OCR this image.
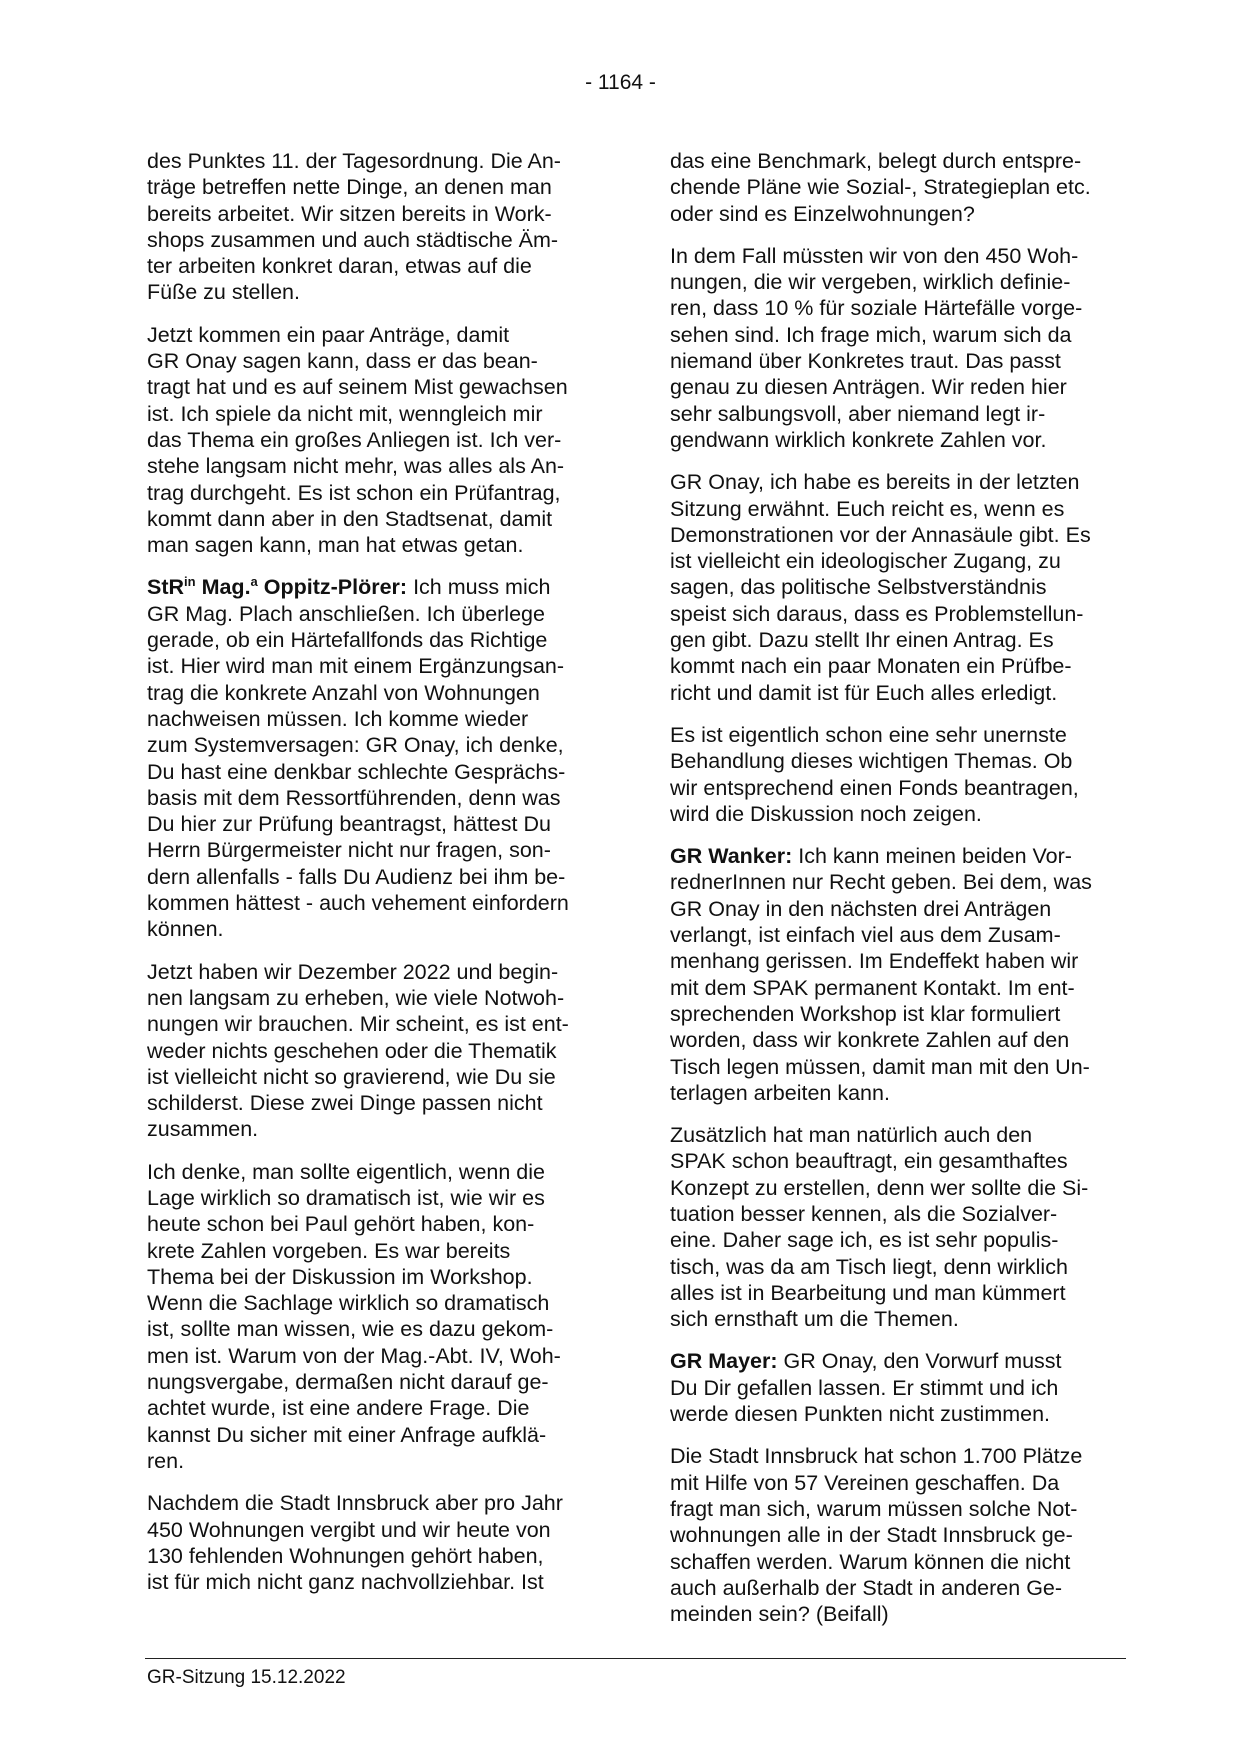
- 1164 -

des Punktes 11. der Tagesordnung. Die An-
träge betreffen nette Dinge, an denen man
bereits arbeitet. Wir sitzen bereits in Work-
shops zusammen und auch städtische Äm-
ter arbeiten konkret daran, etwas auf die
Füße zu stellen.

Jetzt kommen ein paar Anträge, damit
GR Onay sagen kann, dass er das bean-
tragt hat und es auf seinem Mist gewachsen
ist. Ich spiele da nicht mit, wenngleich mir
das Thema ein großes Anliegen ist. Ich ver-
stehe langsam nicht mehr, was alles als An-
trag durchgeht. Es ist schon ein Prüfantrag,
kommt dann aber in den Stadtsenat, damit
man sagen kann, man hat etwas getan.

StR$^{in}$ Mag.$^a$ Oppitz-Plörer: Ich muss mich
GR Mag. Plach anschließen. Ich überlege
gerade, ob ein Härtefallfonds das Richtige
ist. Hier wird man mit einem Ergänzungsan-
trag die konkrete Anzahl von Wohnungen
nachweisen müssen. Ich komme wieder
zum Systemversagen: GR Onay, ich denke,
Du hast eine denkbar schlechte Gesprächs-
basis mit dem Ressortführenden, denn was
Du hier zur Prüfung beantragst, hättest Du
Herrn Bürgermeister nicht nur fragen, son-
dern allenfalls - falls Du Audienz bei ihm be-
kommen hättest - auch vehement einfordern
können.

Jetzt haben wir Dezember 2022 und begin-
nen langsam zu erheben, wie viele Notwoh-
nungen wir brauchen. Mir scheint, es ist ent-
weder nichts geschehen oder die Thematik
ist vielleicht nicht so gravierend, wie Du sie
schilderst. Diese zwei Dinge passen nicht
zusammen.

Ich denke, man sollte eigentlich, wenn die
Lage wirklich so dramatisch ist, wie wir es
heute schon bei Paul gehört haben, kon-
krete Zahlen vorgeben. Es war bereits
Thema bei der Diskussion im Workshop.
Wenn die Sachlage wirklich so dramatisch
ist, sollte man wissen, wie es dazu gekom-
men ist. Warum von der Mag.-Abt. IV, Woh-
nungsvergabe, dermaßen nicht darauf ge-
achtet wurde, ist eine andere Frage. Die
kannst Du sicher mit einer Anfrage aufklä-
ren.

Nachdem die Stadt Innsbruck aber pro Jahr
450 Wohnungen vergibt und wir heute von
130 fehlenden Wohnungen gehört haben,
ist für mich nicht ganz nachvollziehbar. Ist

das eine Benchmark, belegt durch entspre-
chende Pläne wie Sozial-, Strategieplan etc.
oder sind es Einzelwohnungen?

In dem Fall müssten wir von den 450 Woh-
nungen, die wir vergeben, wirklich definie-
ren, dass 10 % für soziale Härtefälle vorge-
sehen sind. Ich frage mich, warum sich da
niemand über Konkretes traut. Das passt
genau zu diesen Anträgen. Wir reden hier
sehr salbungsvoll, aber niemand legt ir-
gendwann wirklich konkrete Zahlen vor.

GR Onay, ich habe es bereits in der letzten
Sitzung erwähnt. Euch reicht es, wenn es
Demonstrationen vor der Annasäule gibt. Es
ist vielleicht ein ideologischer Zugang, zu
sagen, das politische Selbstverständnis
speist sich daraus, dass es Problemstellun-
gen gibt. Dazu stellt Ihr einen Antrag. Es
kommt nach ein paar Monaten ein Prüfbe-
richt und damit ist für Euch alles erledigt.

Es ist eigentlich schon eine sehr unernste
Behandlung dieses wichtigen Themas. Ob
wir entsprechend einen Fonds beantragen,
wird die Diskussion noch zeigen.

GR Wanker: Ich kann meinen beiden Vor-
rednerInnen nur Recht geben. Bei dem, was
GR Onay in den nächsten drei Anträgen
verlangt, ist einfach viel aus dem Zusam-
menhang gerissen. Im Endeffekt haben wir
mit dem SPAK permanent Kontakt. Im ent-
sprechenden Workshop ist klar formuliert
worden, dass wir konkrete Zahlen auf den
Tisch legen müssen, damit man mit den Un-
terlagen arbeiten kann.

Zusätzlich hat man natürlich auch den
SPAK schon beauftragt, ein gesamthaftes
Konzept zu erstellen, denn wer sollte die Si-
tuation besser kennen, als die Sozialver-
eine. Daher sage ich, es ist sehr populis-
tisch, was da am Tisch liegt, denn wirklich
alles ist in Bearbeitung und man kümmert
sich ernsthaft um die Themen.

GR Mayer: GR Onay, den Vorwurf musst
Du Dir gefallen lassen. Er stimmt und ich
werde diesen Punkten nicht zustimmen.

Die Stadt Innsbruck hat schon 1.700 Plätze
mit Hilfe von 57 Vereinen geschaffen. Da
fragt man sich, warum müssen solche Not-
wohnungen alle in der Stadt Innsbruck ge-
schaffen werden. Warum können die nicht
auch außerhalb der Stadt in anderen Ge-
meinden sein? (Beifall)

GR-Sitzung 15.12.2022
